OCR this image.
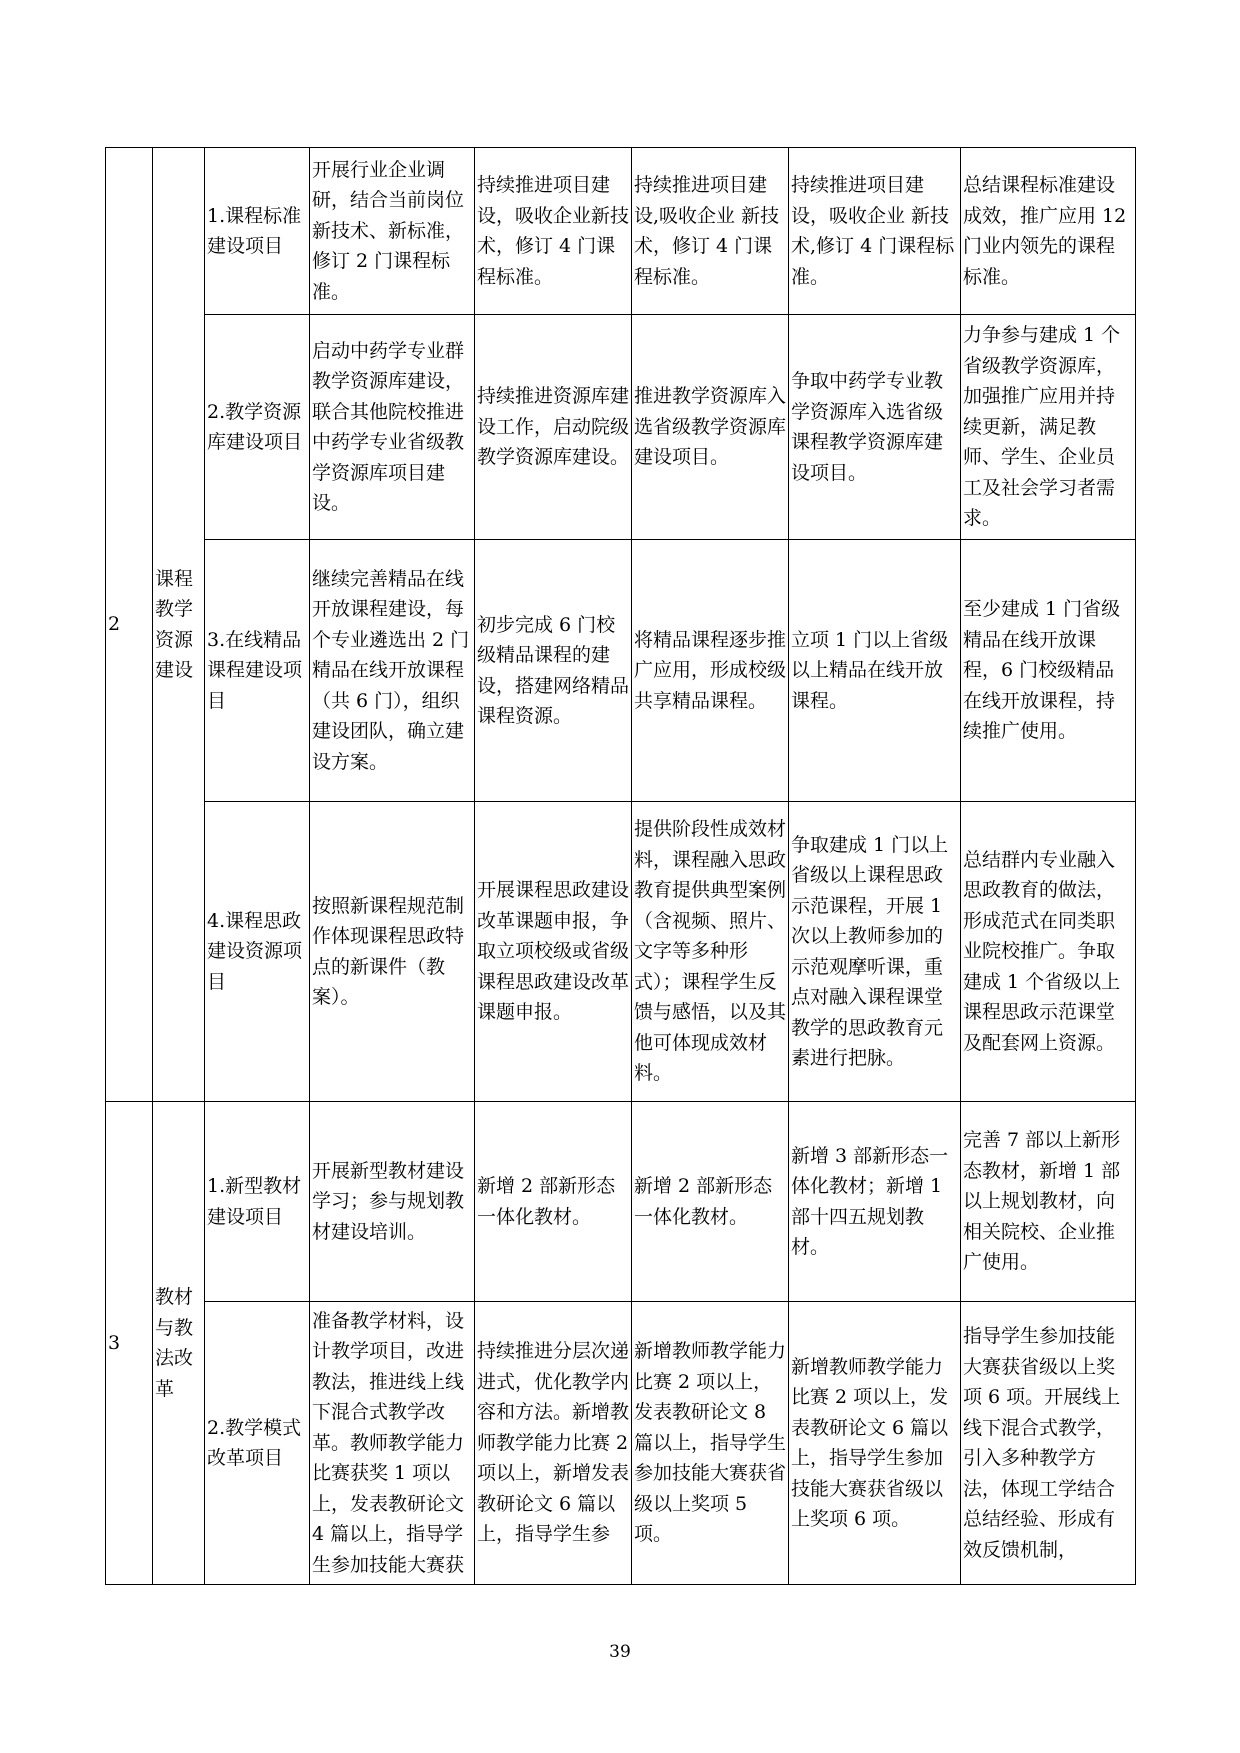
2	课程教学资源建设	1.课程标准建设项目	开展行业企业调研，结合当前岗位新技术、新标准，修订 2 门课程标准。	持续推进项目建设，吸收企业新技术，修订 4 门课程标准。	持续推进项目建设,吸收企业 新技术，修订 4 门课程标准。	持续推进项目建设，吸收企业 新技术,修订 4 门课程标准。	总结课程标准建设成效，推广应用 12 门业内领先的课程标准。
		2.教学资源库建设项目	启动中药学专业群教学资源库建设，联合其他院校推进中药学专业省级教学资源库项目建设。	持续推进资源库建设工作，启动院级教学资源库建设。	推进教学资源库入选省级教学资源库建设项目。	争取中药学专业教学资源库入选省级课程教学资源库建设项目。	力争参与建成 1 个省级教学资源库，加强推广应用并持续更新，满足教师、学生、企业员工及社会学习者需求。
		3.在线精品课程建设项目	继续完善精品在线开放课程建设，每个专业遴选出 2 门精品在线开放课程（共 6 门），组织建设团队，确立建设方案。	初步完成 6 门校级精品课程的建设，搭建网络精品课程资源。	将精品课程逐步推广应用，形成校级共享精品课程。	立项 1 门以上省级以上精品在线开放课程。	至少建成 1 门省级精品在线开放课程，6 门校级精品在线开放课程，持续推广使用。
		4.课程思政建设资源项目	按照新课程规范制作体现课程思政特点的新课件（教案）。	开展课程思政建设改革课题申报，争取立项校级或省级课程思政建设改革课题申报。	提供阶段性成效材料，课程融入思政教育提供典型案例（含视频、照片、文字等多种形式）；课程学生反馈与感悟，以及其他可体现成效材料。	争取建成 1 门以上省级以上课程思政示范课程，开展 1 次以上教师参加的示范观摩听课，重点对融入课程课堂教学的思政教育元素进行把脉。	总结群内专业融入思政教育的做法，形成范式在同类职业院校推广。争取建成 1 个省级以上课程思政示范课堂及配套网上资源。
3	教材与教法改革	1.新型教材建设项目	开展新型教材建设学习；参与规划教材建设培训。	新增 2 部新形态一体化教材。	新增 2 部新形态一体化教材。	新增 3 部新形态一体化教材；新增 1 部十四五规划教材。	完善 7 部以上新形态教材，新增 1 部以上规划教材，向相关院校、企业推广使用。
		2.教学模式改革项目	准备教学材料，设计教学项目，改进教法，推进线上线下混合式教学改革。教师教学能力比赛获奖 1 项以上，发表教研论文 4 篇以上，指导学生参加技能大赛获	持续推进分层次递进式，优化教学内容和方法。新增教师教学能力比赛 2 项以上，新增发表教研论文 6 篇以上，指导学生参	新增教师教学能力比赛 2 项以上，发表教研论文 8 篇以上，指导学生参加技能大赛获省级以上奖项 5 项。	新增教师教学能力比赛 2 项以上，发表教研论文 6 篇以上，指导学生参加技能大赛获省级以上奖项 6 项。	指导学生参加技能大赛获省级以上奖项 6 项。开展线上线下混合式教学，引入多种教学方法，体现工学结合总结经验、形成有效反馈机制，
39
